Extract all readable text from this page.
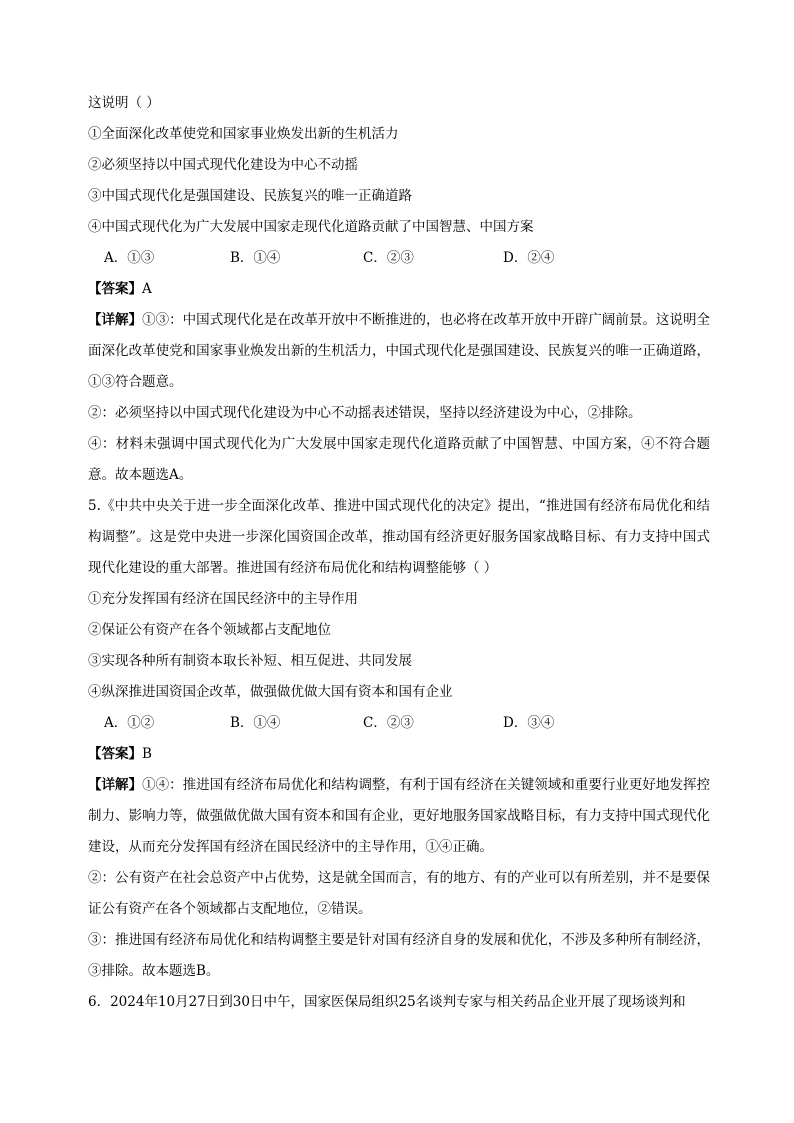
这说明（ ）
①全面深化改革使党和国家事业焕发出新的生机活力
②必须坚持以中国式现代化建设为中心不动摇
③中国式现代化是强国建设、民族复兴的唯一正确道路
④中国式现代化为广大发展中国家走现代化道路贡献了中国智慧、中国方案
A．①③	B．①④	C．②③	D．②④
【答案】A
【详解】①③：中国式现代化是在改革开放中不断推进的，也必将在改革开放中开辟广阔前景。这说明全面深化改革使党和国家事业焕发出新的生机活力，中国式现代化是强国建设、民族复兴的唯一正确道路，①③符合题意。
②：必须坚持以中国式现代化建设为中心不动摇表述错误，坚持以经济建设为中心，②排除。
④：材料未强调中国式现代化为广大发展中国家走现代化道路贡献了中国智慧、中国方案，④不符合题意。故本题选A。
5.《中共中央关于进一步全面深化改革、推进中国式现代化的决定》提出，“推进国有经济布局优化和结构调整”。这是党中央进一步深化国资国企改革，推动国有经济更好服务国家战略目标、有力支持中国式现代化建设的重大部署。推进国有经济布局优化和结构调整能够（ ）
①充分发挥国有经济在国民经济中的主导作用
②保证公有资产在各个领域都占支配地位
③实现各种所有制资本取长补短、相互促进、共同发展
④纵深推进国资国企改革，做强做优做大国有资本和国有企业
A．①②	B．①④	C．②③	D．③④
【答案】B
【详解】①④：推进国有经济布局优化和结构调整，有利于国有经济在关键领域和重要行业更好地发挥控制力、影响力等，做强做优做大国有资本和国有企业，更好地服务国家战略目标，有力支持中国式现代化建设，从而充分发挥国有经济在国民经济中的主导作用，①④正确。
②：公有资产在社会总资产中占优势，这是就全国而言，有的地方、有的产业可以有所差别，并不是要保证公有资产在各个领域都占支配地位，②错误。
③：推进国有经济布局优化和结构调整主要是针对国有经济自身的发展和优化，不涉及多种所有制经济，③排除。故本题选B。
6．2024年10月27日到30日中午，国家医保局组织25名谈判专家与相关药品企业开展了现场谈判和
